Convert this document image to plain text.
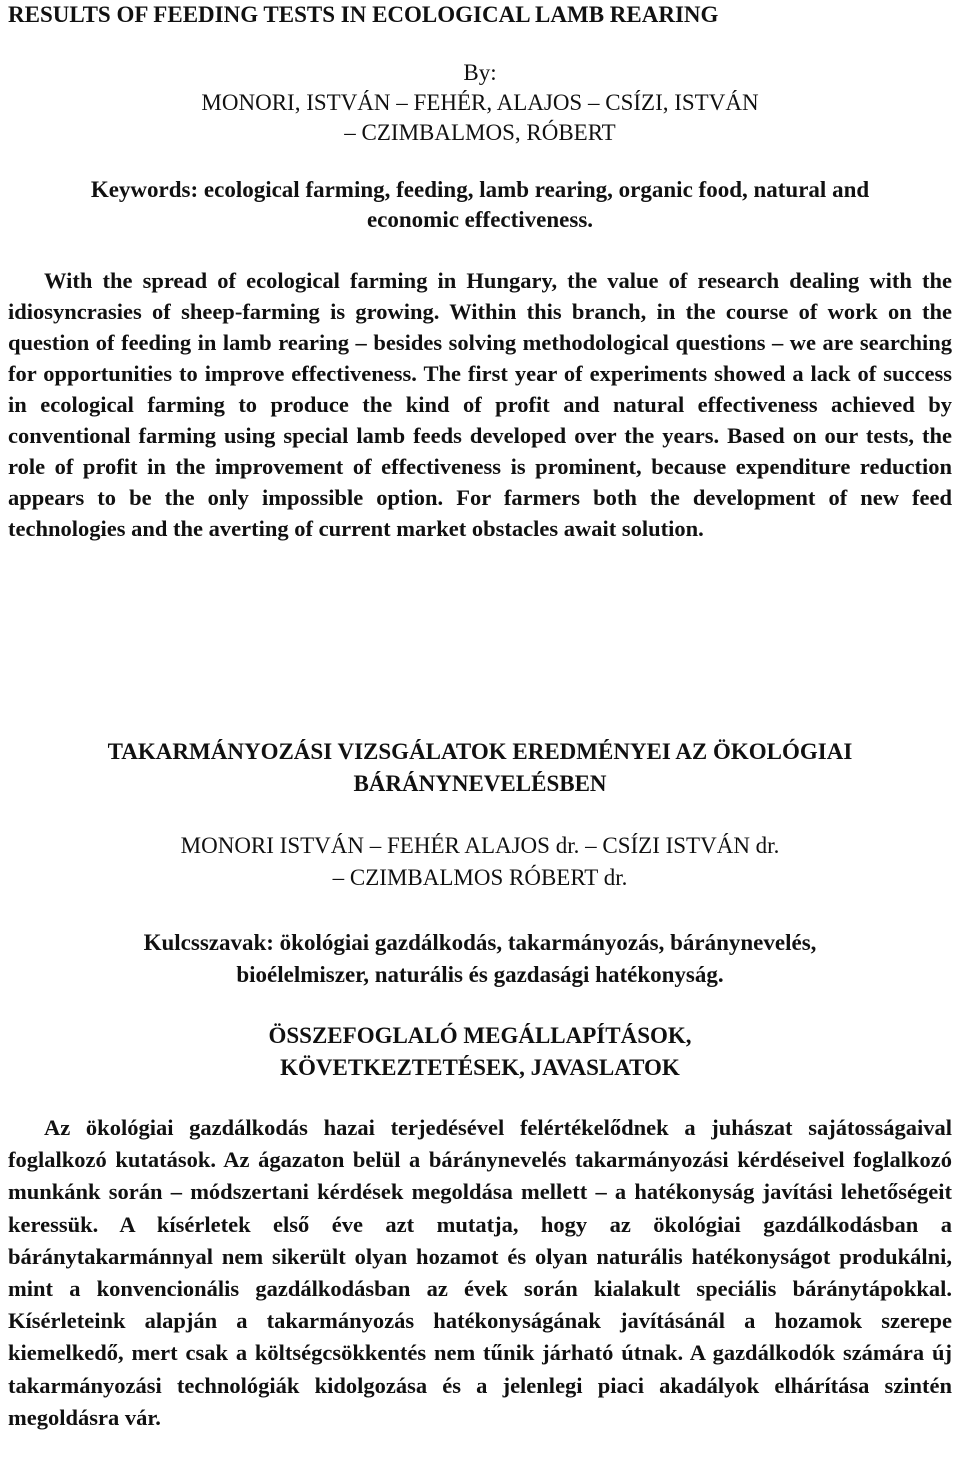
RESULTS OF FEEDING TESTS IN ECOLOGICAL LAMB REARING
By:
MONORI, ISTVÁN – FEHÉR, ALAJOS – CSÍZI, ISTVÁN
– CZIMBALMOS, RÓBERT
Keywords: ecological farming, feeding, lamb rearing, organic food, natural and
economic effectiveness.

With the spread of ecological farming in Hungary, the value of research dealing with the idiosyncrasies of sheep-farming is growing. Within this branch, in the course of work on the question of feeding in lamb rearing – besides solving methodological questions – we are searching for opportunities to improve effectiveness. The first year of experiments showed a lack of success in ecological farming to produce the kind of profit and natural effectiveness achieved by conventional farming using special lamb feeds developed over the years. Based on our tests, the role of profit in the improvement of effectiveness is prominent, because expenditure reduction appears to be the only impossible option. For farmers both the development of new feed technologies and the averting of current market obstacles await solution.

TAKARMÁNYOZÁSI VIZSGÁLATOK EREDMÉNYEI AZ ÖKOLÓGIAI
BÁRÁNYNEVELÉSBEN
MONORI ISTVÁN – FEHÉR ALAJOS dr. – CSÍZI ISTVÁN dr.
– CZIMBALMOS RÓBERT dr.
Kulcsszavak: ökológiai gazdálkodás, takarmányozás, báránynevelés,
bioélelmiszer, naturális és gazdasági hatékonyság.
ÖSSZEFOGLALÓ MEGÁLLAPÍTÁSOK,
KÖVETKEZTETÉSEK, JAVASLATOK

Az ökológiai gazdálkodás hazai terjedésével felértékelődnek a juhászat sajátosságaival foglalkozó kutatások. Az ágazaton belül a báránynevelés takarmányozási kérdéseivel foglalkozó munkánk során – módszertani kérdések megoldása mellett – a hatékonyság javítási lehetőségeit keressük. A kísérletek első éve azt mutatja, hogy az ökológiai gazdálkodásban a báránytakarmánnyal nem sikerült olyan hozamot és olyan naturális hatékonyságot produkálni, mint a konvencionális gazdálkodásban az évek során kialakult speciális báránytápokkal. Kísérleteink alapján a takarmányozás hatékonyságának javításánál a hozamok szerepe kiemelkedő, mert csak a költségcsökkentés nem tűnik járható útnak. A gazdálkodók számára új takarmányozási technológiák kidolgozása és a jelenlegi piaci akadályok elhárítása szintén megoldásra vár.
